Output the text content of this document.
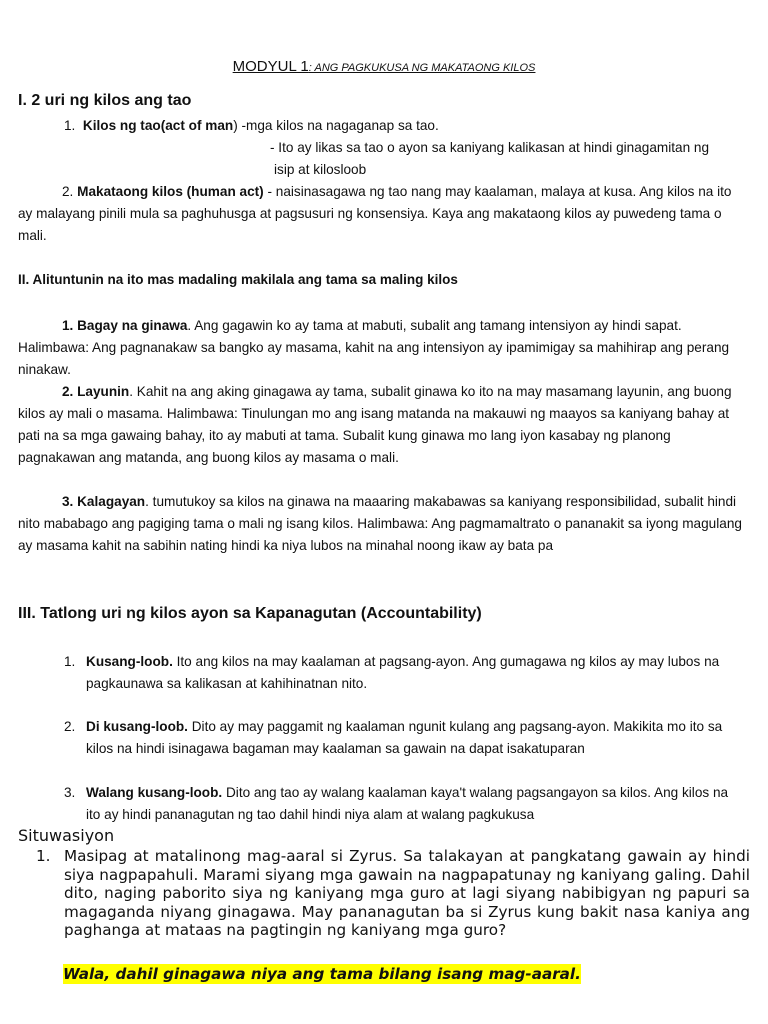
MODYUL 1: ANG PAGKUKUSA NG MAKATAONG KILOS
I. 2 uri ng kilos ang tao
1. Kilos ng tao(act of man) -mga kilos na nagaganap sa tao.
- Ito ay likas sa tao o ayon sa kaniyang kalikasan at hindi ginagamitan ng
isip at kilosloob
2. Makataong kilos (human act) - naisinasagawa ng tao nang may kaalaman, malaya at kusa. Ang kilos na ito ay malayang pinili mula sa paghuhusga at pagsusuri ng konsensiya. Kaya ang makataong kilos ay puwedeng tama o mali.
II. Alituntunin na ito mas madaling makilala ang tama sa maling kilos
1. Bagay na ginawa. Ang gagawin ko ay tama at mabuti, subalit ang tamang intensiyon ay hindi sapat. Halimbawa: Ang pagnanakaw sa bangko ay masama, kahit na ang intensiyon ay ipamimigay sa mahihirap ang perang ninakaw.
2. Layunin. Kahit na ang aking ginagawa ay tama, subalit ginawa ko ito na may masamang layunin, ang buong kilos ay mali o masama. Halimbawa: Tinulungan mo ang isang matanda na makauwi ng maayos sa kaniyang bahay at pati na sa mga gawaing bahay, ito ay mabuti at tama. Subalit kung ginawa mo lang iyon kasabay ng planong pagnakawan ang matanda, ang buong kilos ay masama o mali.
3. Kalagayan. tumutukoy sa kilos na ginawa na maaaring makabawas sa kaniyang responsibilidad, subalit hindi nito mababago ang pagiging tama o mali ng isang kilos. Halimbawa: Ang pagmamaltrato o pananakit sa iyong magulang ay masama kahit na sabihin nating hindi ka niya lubos na minahal noong ikaw ay bata pa
III. Tatlong uri ng kilos ayon sa Kapanagutan (Accountability)
1. Kusang-loob. Ito ang kilos na may kaalaman at pagsang-ayon. Ang gumagawa ng kilos ay may lubos na pagkaunawa sa kalikasan at kahihinatnan nito.
2. Di kusang-loob. Dito ay may paggamit ng kaalaman ngunit kulang ang pagsang-ayon. Makikita mo ito sa kilos na hindi isinagawa bagaman may kaalaman sa gawain na dapat isakatuparan
3. Walang kusang-loob. Dito ang tao ay walang kaalaman kaya't walang pagsangayon sa kilos. Ang kilos na ito ay hindi pananagutan ng tao dahil hindi niya alam at walang pagkukusa
Situwasiyon
1. Masipag at matalinong mag-aaral si Zyrus. Sa talakayan at pangkatang gawain ay hindi siya nagpapahuli. Marami siyang mga gawain na nagpapatunay ng kaniyang galing. Dahil dito, naging paborito siya ng kaniyang mga guro at lagi siyang nabibigyan ng papuri sa magaganda niyang ginagawa. May pananagutan ba si Zyrus kung bakit nasa kaniya ang paghanga at mataas na pagtingin ng kaniyang mga guro?
Wala, dahil ginagawa niya ang tama bilang isang mag-aaral.
